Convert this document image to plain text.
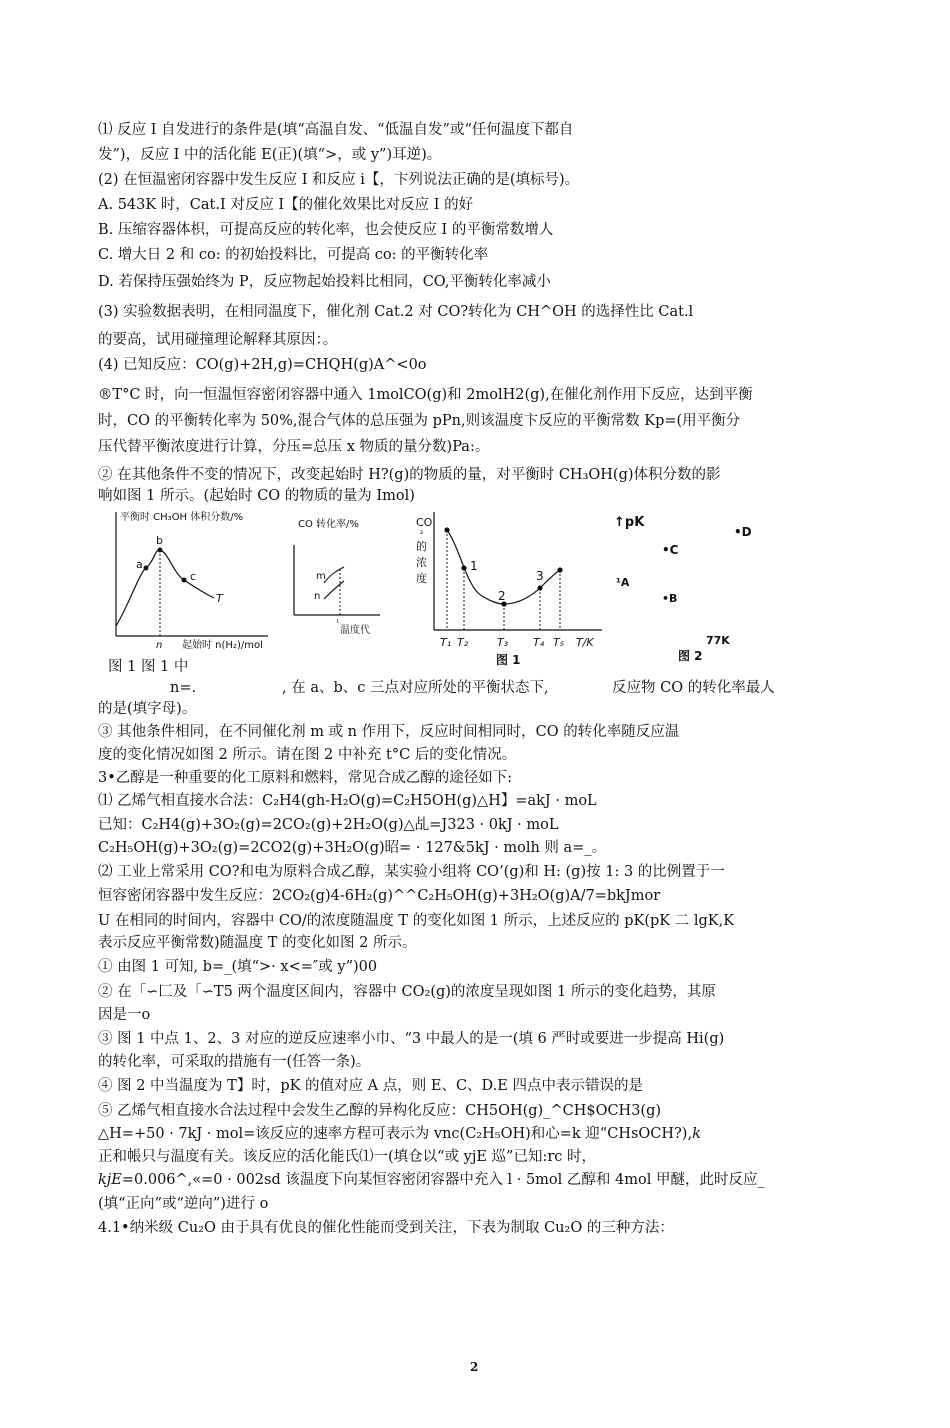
⑴ 反应 I 自发进行的条件是(填“高温自发、“低温自发”或“任何温度下都自
发”)，反应 I 中的活化能 E(正)(填“>，或 y”)耳逆)。
(2) 在恒温密闭容器中发生反应 I 和反应 i【，卞列说法正确的是(填标号)。
A. 543K 时，Cat.I 对反应 I【的催化效果比对反应 I 的好
B. 压缩容器体枳，可提高反应的转化率，也会使反应 I 的平衡常数增人
C. 增大日 2 和 co: 的初始投料比，可提高 co: 的平衡转化率
D. 若保持压强始终为 P，反应物起始投料比相同，CO,平衡转化率减小
(3) 实验数据表明，在相同温度下，催化剂 Cat.2 对 CO?转化为 CH^OH 的选择性比 Cat.l
的要高，试用碰撞理论解释其原因：。
(4) 已知反应：CO(g)+2H,g)=CHQH(g)A^<0o
®T°C 时，向一恒温恒容密闭容器中通入 1molCO(g)和 2molH2(g),在催化剂作用下反应，达到平衡
时，CO 的平衡转化率为 50%,混合气体的总压强为 pPn,则该温度卞反应的平衡常数 Kp=(用平衡分
压代替平衡浓度进行计算，分压=总压 x 物质的量分数)Pa:。
② 在其他条件不变的情况下，改变起始时 H?(g)的物质的量，对平衡时 CH₃OH(g)体积分数的影
响如图 1 所示。(起始时 CO 的物质的量为 Imol)
平衡时 CH₃OH 体积分数/%
a
b
c
T
n 起始时 n(H₂)/mol
CO 转化率/%
m
n
¹
温度代
CO
₂
的
浓
度
1
2
3
T₁ T₂	T₃ T₄ T₅ T/K
图 1
↑pK
•D
•C
¹A
•B
77K
图 2
图 1 图 1 中
n=.	, 在 a、b、c 三点对应所处的平衡状态下,	反应物 CO 的转化率最人
的是(填字母)。
③ 其他条件相同，在不同催化剂 m 或 n 作用下，反应时间相同时，CO 的转化率随反应温
度的变化情况如图 2 所示。请在图 2 中补充 t°C 后的变化情况。
3•乙醇是一种重要的化工原料和燃料，常见合成乙醇的途径如下:
⑴ 乙烯气相直接水合法：C₂H4(gh-H₂O(g)=C₂H5OH(g)△H】=akJ · moL
已知：C₂H4(g)+3O₂(g)=2CO₂(g)+2H₂O(g)△乩=J323 · 0kJ · moL
C₂H₅OH(g)+3O₂(g)=2CO2(g)+3H₂O(g)昭= · 127&5kJ · molh 则 a=_。
⑵ 工业上常采用 CO?和电为原料合成乙醇，某实验小组将 CO’(g)和 H: (g)按 1: 3 的比例置于一
恒容密闭容器中发生反应：2CO₂(g)4-6H₂(g)^^C₂H₅OH(g)+3H₂O(g)A/7=bkJmor
U 在相同的时间内，容器中 CO/的浓度随温度 T 的变化如图 1 所示，上述反应的 pK(pK 二 lgK,K
表示反应平衡常数)随温度 T 的变化如图 2 所示。
① 由图 1 可知, b=_(填“>· x<=″或 y”)00
② 在「∽匚及「∽T5 两个温度区间内，容器中 CO₂(g)的浓度呈现如图 1 所示的变化趋势，其原
因是一o
③ 图 1 中点 1、2、3 对应的逆反应速率小巾、“3 中最人的是一(填 6 严时或要进一步提高 Hi(g)
的转化率，可采取的措施有一(任答一条)。
④ 图 2 中当温度为 T】时，pK 的值对应 A 点，则 E、C、D.E 四点中表示错误的是
⑤ 乙烯气相直接水合法过程中会发生乙醇的异构化反应：CH5OH(g)_^CH$OCH3(g)
△H=+50 · 7kJ · mol=该反应的速率方程可表示为 vnc(C₂H₅OH)和心=k 迎“CHsOCH?),𝑘
正和帳只与温度有关。该反应的活化能氏⑴一(填仓以“或 yjE 巡”已知:rc 时，
𝑘𝑗𝐸=0.006^,«=0 · 002sd 该温度下向某恒容密闭容器中充入 l · 5mol 乙醇和 4mol 甲醚，此时反应_
(填“正向”或“逆向”)进行 o
4.1•纳米级 Cu₂O 由于具有优良的催化性能而受到关注，下表为制取 Cu₂O 的三种方法：
2
